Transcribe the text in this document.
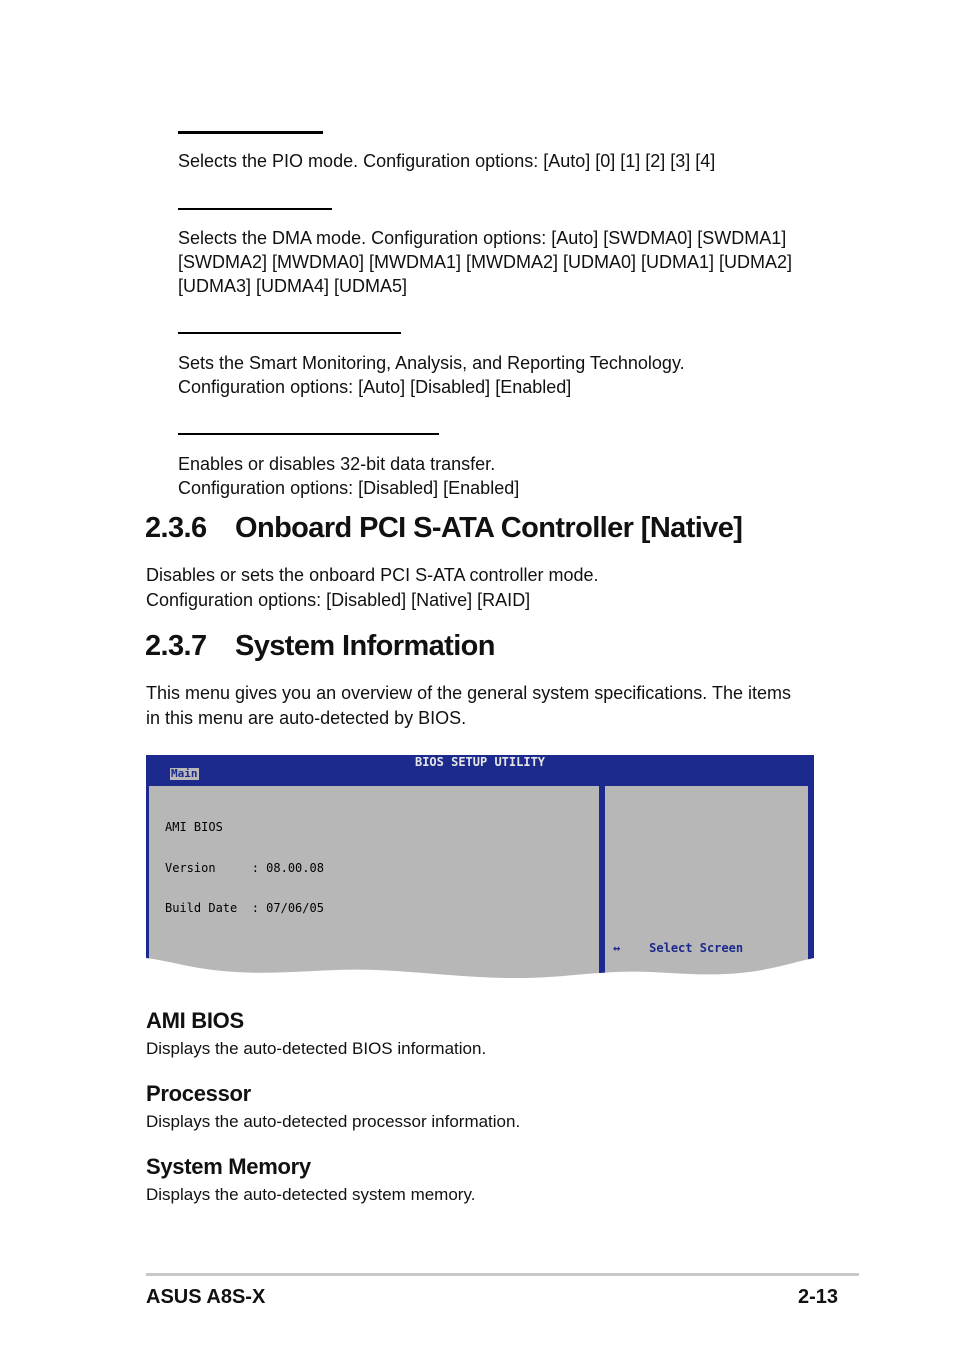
Selects the PIO mode. Configuration options: [Auto] [0] [1] [2] [3] [4]
Selects the DMA mode. Configuration options: [Auto] [SWDMA0] [SWDMA1]
[SWDMA2] [MWDMA0] [MWDMA1] [MWDMA2] [UDMA0] [UDMA1] [UDMA2]
[UDMA3] [UDMA4] [UDMA5]
Sets the Smart Monitoring, Analysis, and Reporting Technology.
Configuration options: [Auto] [Disabled] [Enabled]
Enables or disables 32-bit data transfer.
Configuration options: [Disabled] [Enabled]
2.3.6 Onboard PCI S-ATA Controller [Native]
Disables or sets the onboard PCI S-ATA controller mode.
Configuration options: [Disabled] [Native] [RAID]
2.3.7 System Information
This menu gives you an overview of the general system specifications. The items
in this menu are auto-detected by BIOS.
BIOS SETUP UTILITY
Main

AMI BIOS

Version     : 08.00.08

Build Date  : 07/06/05

↔ Select Screen
AMI BIOS
Displays the auto-detected BIOS information.
Processor
Displays the auto-detected processor information.
System Memory
Displays the auto-detected system memory.
ASUS A8S-X	2-13
